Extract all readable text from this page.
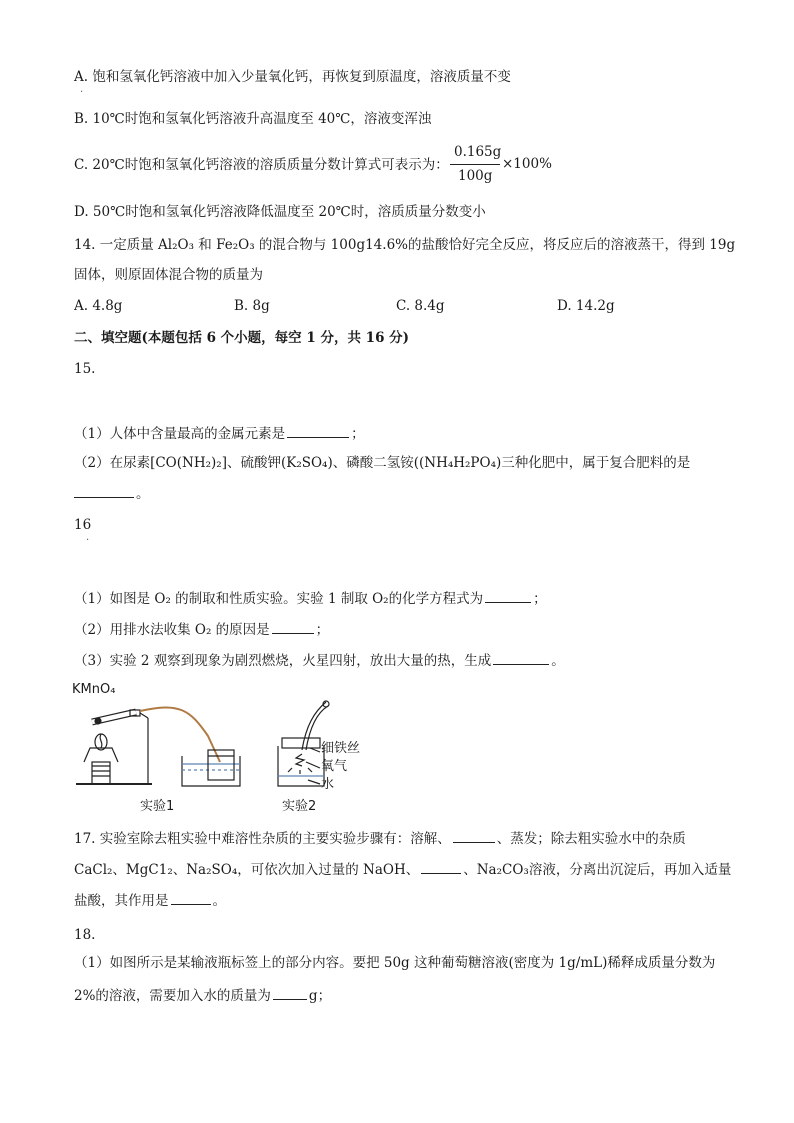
A. 饱和氢氧化钙溶液中加入少量氧化钙，再恢复到原温度，溶液质量不变
.
B. 10℃时饱和氢氧化钙溶液升高温度至 40℃，溶液变浑浊
C. 20℃时饱和氢氧化钙溶液的溶质质量分数计算式可表示为：
0.165g
100g
×100%
D. 50℃时饱和氢氧化钙溶液降低温度至 20℃时，溶质质量分数变小
14. 一定质量 Al₂O₃ 和 Fe₂O₃ 的混合物与 100g14.6%的盐酸恰好完全反应，将反应后的溶液蒸干，得到 19g
固体，则原固体混合物的质量为
A. 4.8g	B. 8g	C. 8.4g	D. 14.2g
二、填空题(本题包括 6 个小题，每空 1 分，共 16 分)
15.
（1）人体中含量最高的金属元素是	；
（2）在尿素[CO(NH₂)₂]、硫酸钾(K₂SO₄)、磷酸二氢铵((NH₄H₂PO₄)三种化肥中，属于复合肥料的是
。
16
.
（1）如图是 O₂ 的制取和性质实验。实验 1 制取 O₂的化学方程式为	；
（2）用排水法收集 O₂ 的原因是	；
（3）实验 2 观察到现象为剧烈燃烧，火星四射，放出大量的热，生成	。
KMnO₄
细铁丝
氧气
水
实验1	实验2
17. 实验室除去粗实验中难溶性杂质的主要实验步骤有：溶解、	、蒸发；除去粗实验水中的杂质
CaCl₂、MgC1₂、Na₂SO₄，可依次加入过量的 NaOH、	、Na₂CO₃溶液，分离出沉淀后，再加入适量
盐酸，其作用是	。
18.
（1）如图所示是某输液瓶标签上的部分内容。要把 50g 这种葡萄糖溶液(密度为 1g/mL)稀释成质量分数为
2%的溶液，需要加入水的质量为	g；
